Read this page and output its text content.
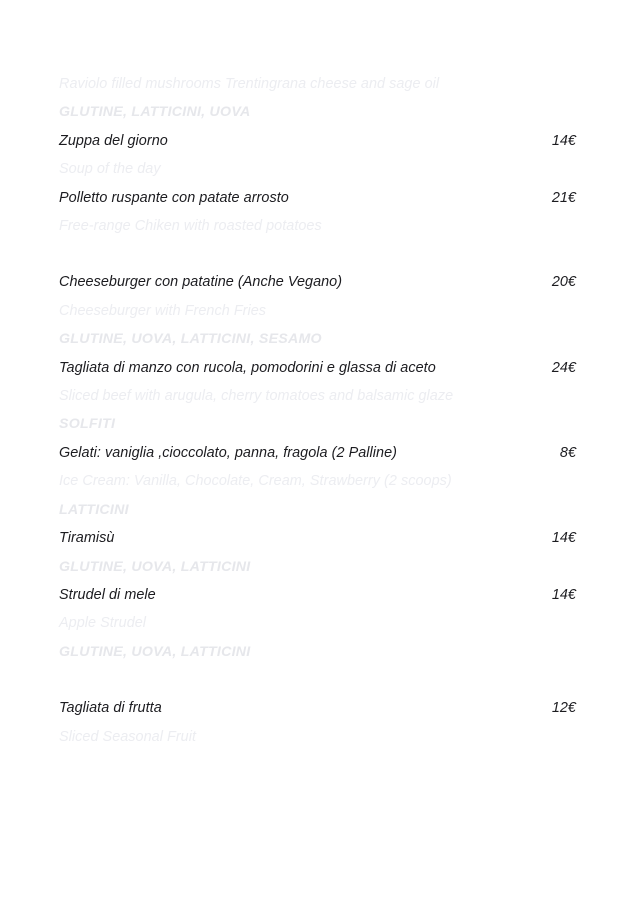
Raviolo filled mushrooms Trentingrana cheese and sage oil
GLUTINE, LATTICINI, UOVA
Zuppa del giorno	14€
Soup of the day
Polletto ruspante con patate arrosto	21€
Free-range Chiken with roasted potatoes
Cheeseburger con patatine (Anche Vegano)	20€
Cheeseburger with French Fries
GLUTINE, UOVA, LATTICINI, SESAMO
Tagliata di manzo con rucola, pomodorini e glassa di aceto	24€
Sliced beef with arugula, cherry tomatoes and balsamic glaze
SOLFITI
Gelati: vaniglia ,cioccolato, panna, fragola (2 Palline)	8€
Ice Cream: Vanilla, Chocolate, Cream, Strawberry (2 scoops)
LATTICINI
Tiramisù	14€
GLUTINE, UOVA, LATTICINI
Strudel di mele	14€
Apple Strudel
GLUTINE, UOVA, LATTICINI
Tagliata di frutta	12€
Sliced Seasonal Fruit
